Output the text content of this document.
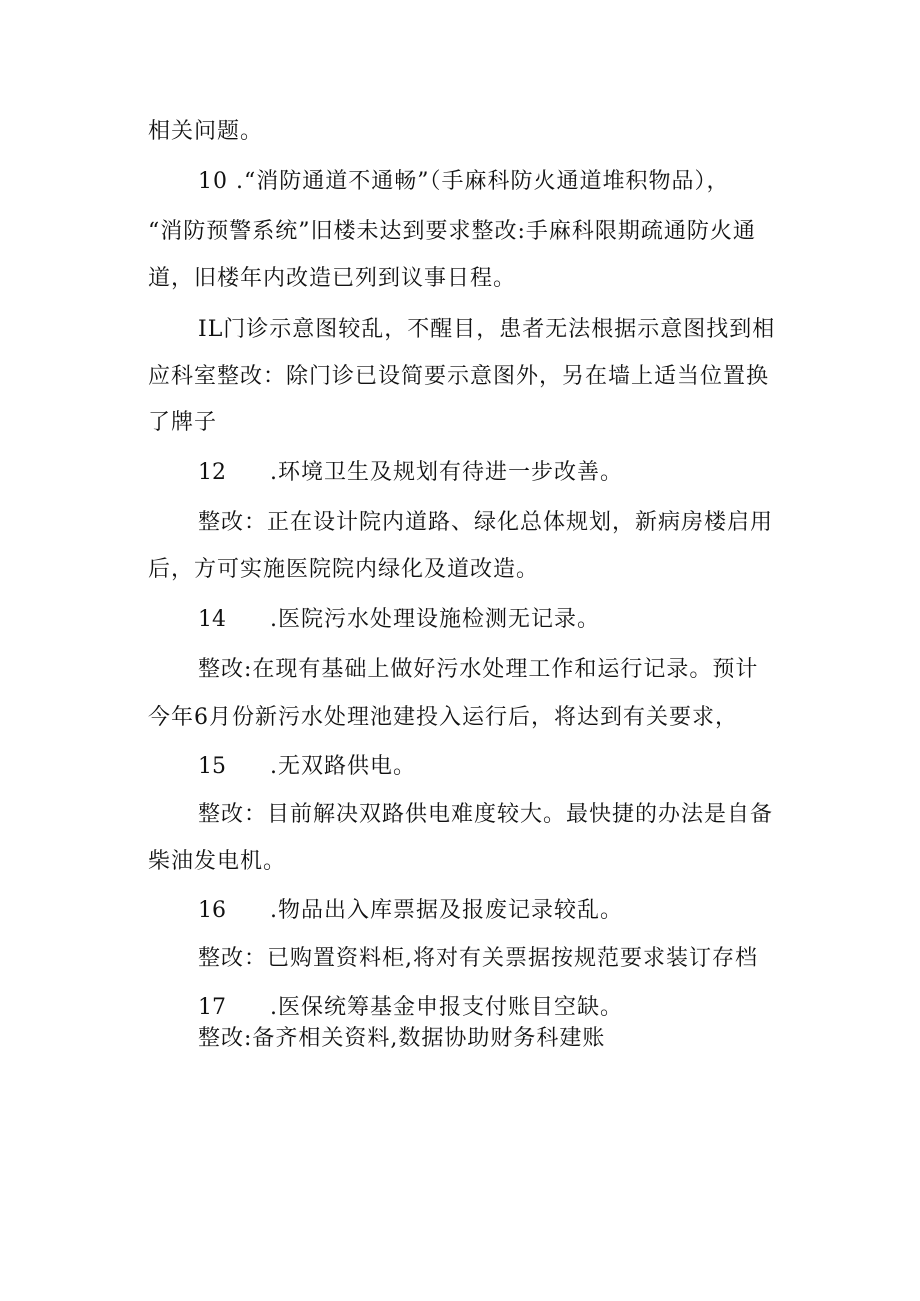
相关问题。
10 .“消防通道不通畅”（手麻科防火通道堆积物品），
“消防预警系统”旧楼未达到要求整改:手麻科限期疏通防火通
道，旧楼年内改造已列到议事日程。
IL门诊示意图较乱，不醒目，患者无法根据示意图找到相
应科室整改：除门诊已设简要示意图外，另在墙上适当位置换
了牌子
12 .环境卫生及规划有待进一步改善。
整改：正在设计院内道路、绿化总体规划，新病房楼启用
后，方可实施医院院内绿化及道改造。
14 .医院污水处理设施检测无记录。
整改:在现有基础上做好污水处理工作和运行记录。预计
今年6月份新污水处理池建投入运行后，将达到有关要求，
15 .无双路供电。
整改：目前解决双路供电难度较大。最快捷的办法是自备
柴油发电机。
16 .物品出入库票据及报废记录较乱。
整改：已购置资料柜,将对有关票据按规范要求装订存档
17 .医保统筹基金申报支付账目空缺。
整改:备齐相关资料,数据协助财务科建账
